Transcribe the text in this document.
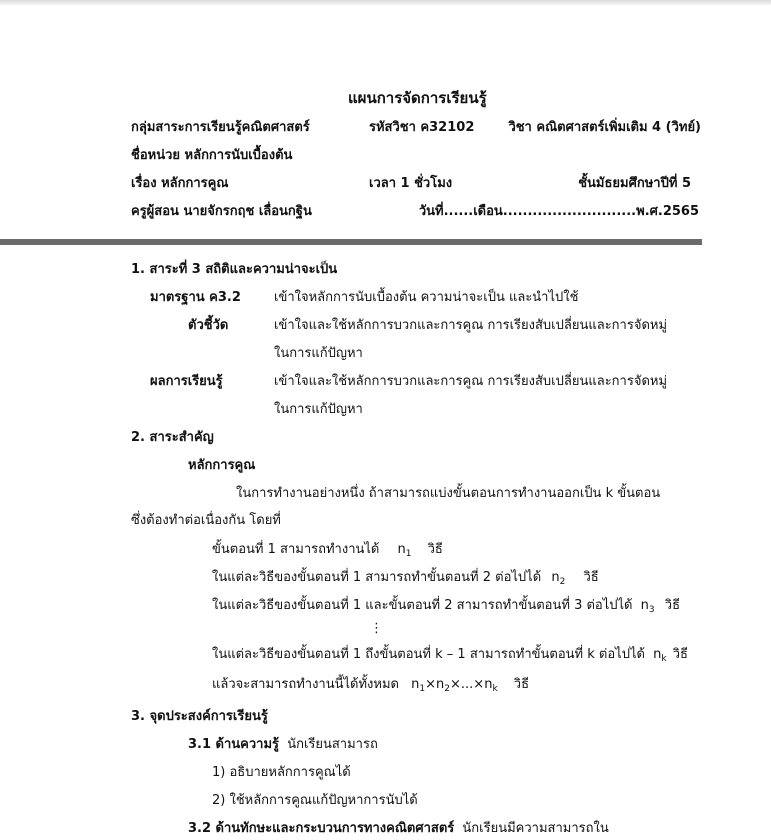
แผนการจัดการเรียนรู้
กลุ่มสาระการเรียนรู้คณิตศาสตร์	รหัสวิชา ค32102	วิชา คณิตศาสตร์เพิ่มเติม 4 (วิทย์)
ชื่อหน่วย หลักการนับเบื้องต้น
เรื่อง หลักการคูณ	เวลา 1 ชั่วโมง	ชั้นมัธยมศึกษาปีที่ 5
ครูผู้สอน นายจักรกฤช เลื่อนกฐิน	วันที่......เดือน...........................พ.ศ.2565
1. สาระที่ 3 สถิติและความน่าจะเป็น
มาตรฐาน ค3.2	เข้าใจหลักการนับเบื้องต้น ความน่าจะเป็น และนำไปใช้
ตัวชี้วัด	เข้าใจและใช้หลักการบวกและการคูณ การเรียงสับเปลี่ยนและการจัดหมู่
ในการแก้ปัญหา
ผลการเรียนรู้	เข้าใจและใช้หลักการบวกและการคูณ การเรียงสับเปลี่ยนและการจัดหมู่
ในการแก้ปัญหา
2. สาระสำคัญ
หลักการคูณ
ในการทำงานอย่างหนึ่ง ถ้าสามารถแบ่งขั้นตอนการทำงานออกเป็น k ขั้นตอน
ซึ่งต้องทำต่อเนื่องกัน โดยที่
ขั้นตอนที่ 1 สามารถทำงานได้ $n_1$ วิธี
ในแต่ละวิธีของขั้นตอนที่ 1 สามารถทำขั้นตอนที่ 2 ต่อไปได้ $n_2$ วิธี
ในแต่ละวิธีของขั้นตอนที่ 1 และขั้นตอนที่ 2 สามารถทำขั้นตอนที่ 3 ต่อไปได้ $n_3$ วิธี
⋮
ในแต่ละวิธีของขั้นตอนที่ 1 ถึงขั้นตอนที่ k – 1 สามารถทำขั้นตอนที่ k ต่อไปได้ $n_k$ วิธี
แล้วจะสามารถทำงานนี้ได้ทั้งหมด $n_1\times n_2\times...\times n_k$ วิธี
3. จุดประสงค์การเรียนรู้
3.1 ด้านความรู้ นักเรียนสามารถ
1) อธิบายหลักการคูณได้
2) ใช้หลักการคูณแก้ปัญหาการนับได้
3.2 ด้านทักษะและกระบวนการทางคณิตศาสตร์ นักเรียนมีความสามารถใน
